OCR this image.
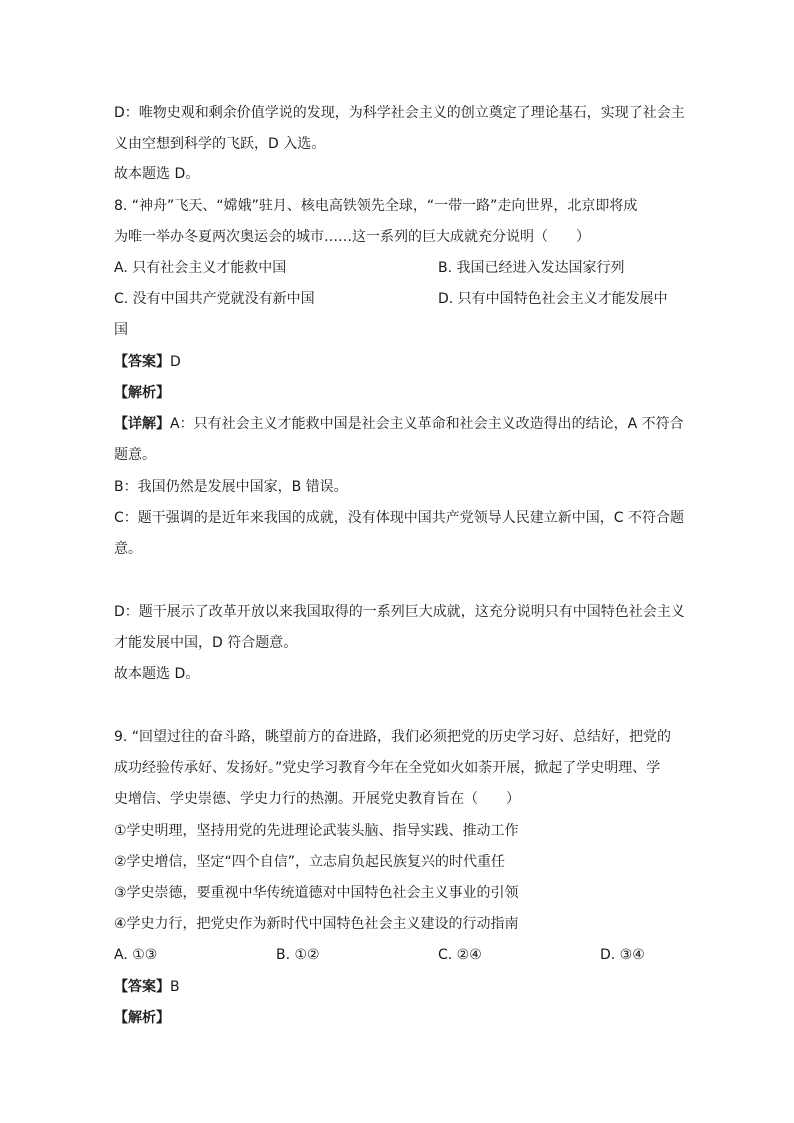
D：唯物史观和剩余价值学说的发现，为科学社会主义的创立奠定了理论基石，实现了社会主
义由空想到科学的飞跃，D 入选。
故本题选 D。
8. “神舟”飞天、“嫦娥”驻月、核电高铁领先全球，“一带一路”走向世界，北京即将成
为唯一举办冬夏两次奥运会的城市……这一系列的巨大成就充分说明（　　）
A. 只有社会主义才能救中国	B. 我国已经进入发达国家行列
C. 没有中国共产党就没有新中国	D. 只有中国特色社会主义才能发展中
国
【答案】D
【解析】
【详解】A：只有社会主义才能救中国是社会主义革命和社会主义改造得出的结论，A 不符合
题意。
B：我国仍然是发展中国家，B 错误。
C：题干强调的是近年来我国的成就，没有体现中国共产党领导人民建立新中国，C 不符合题
意。
D：题干展示了改革开放以来我国取得的一系列巨大成就，这充分说明只有中国特色社会主义
才能发展中国，D 符合题意。
故本题选 D。
9. “回望过往的奋斗路，眺望前方的奋进路，我们必须把党的历史学习好、总结好，把党的
成功经验传承好、发扬好。”党史学习教育今年在全党如火如荼开展，掀起了学史明理、学
史增信、学史崇德、学史力行的热潮。开展党史教育旨在（　　）
①学史明理，坚持用党的先进理论武装头脑、指导实践、推动工作
②学史增信，坚定“四个自信”，立志肩负起民族复兴的时代重任
③学史崇德，要重视中华传统道德对中国特色社会主义事业的引领
④学史力行，把党史作为新时代中国特色社会主义建设的行动指南
A. ①③	B. ①②	C. ②④	D. ③④
【答案】B
【解析】
